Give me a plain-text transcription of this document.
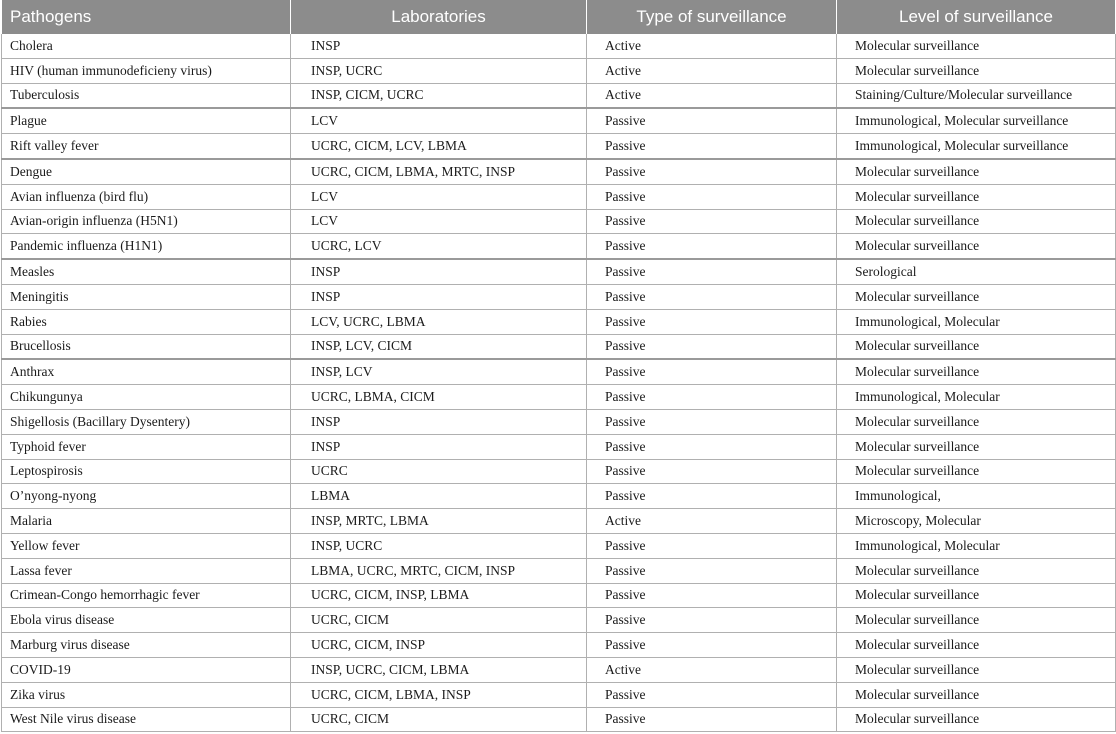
Pathogens	Laboratories	Type of surveillance	Level of surveillance
Cholera	INSP	Active	Molecular surveillance
HIV (human immunodeficieny virus)	INSP, UCRC	Active	Molecular surveillance
Tuberculosis	INSP, CICM, UCRC	Active	Staining/Culture/Molecular surveillance
Plague	LCV	Passive	Immunological, Molecular surveillance
Rift valley fever	UCRC, CICM, LCV, LBMA	Passive	Immunological, Molecular surveillance
Dengue	UCRC, CICM, LBMA, MRTC, INSP	Passive	Molecular surveillance
Avian influenza (bird flu)	LCV	Passive	Molecular surveillance
Avian-origin influenza (H5N1)	LCV	Passive	Molecular surveillance
Pandemic influenza (H1N1)	UCRC, LCV	Passive	Molecular surveillance
Measles	INSP	Passive	Serological
Meningitis	INSP	Passive	Molecular surveillance
Rabies	LCV, UCRC, LBMA	Passive	Immunological, Molecular
Brucellosis	INSP, LCV, CICM	Passive	Molecular surveillance
Anthrax	INSP, LCV	Passive	Molecular surveillance
Chikungunya	UCRC, LBMA, CICM	Passive	Immunological, Molecular
Shigellosis (Bacillary Dysentery)	INSP	Passive	Molecular surveillance
Typhoid fever	INSP	Passive	Molecular surveillance
Leptospirosis	UCRC	Passive	Molecular surveillance
O’nyong-nyong	LBMA	Passive	Immunological,
Malaria	INSP, MRTC, LBMA	Active	Microscopy, Molecular
Yellow fever	INSP, UCRC	Passive	Immunological, Molecular
Lassa fever	LBMA, UCRC, MRTC, CICM, INSP	Passive	Molecular surveillance
Crimean-Congo hemorrhagic fever	UCRC, CICM, INSP, LBMA	Passive	Molecular surveillance
Ebola virus disease	UCRC, CICM	Passive	Molecular surveillance
Marburg virus disease	UCRC, CICM, INSP	Passive	Molecular surveillance
COVID-19	INSP, UCRC, CICM, LBMA	Active	Molecular surveillance
Zika virus	UCRC, CICM, LBMA, INSP	Passive	Molecular surveillance
West Nile virus disease	UCRC, CICM	Passive	Molecular surveillance
